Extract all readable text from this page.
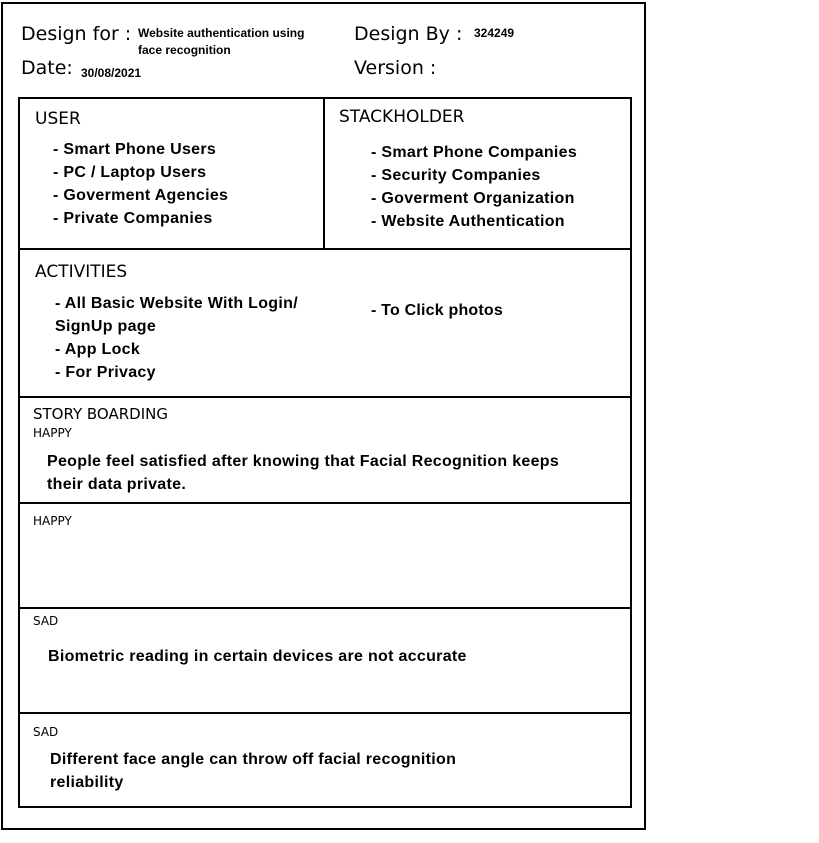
Design for : Website authentication using
face recognition
Design By : 324249
Date: 30/08/2021	Version :
USER
- Smart Phone Users
- PC / Laptop Users
- Goverment Agencies
- Private Companies
STACKHOLDER
- Smart Phone Companies
- Security Companies
- Goverment Organization
- Website Authentication
ACTIVITIES
- All Basic Website With Login/
SignUp page
- App Lock
- For Privacy
- To Click photos
STORY BOARDING
HAPPY
People feel satisfied after knowing that Facial Recognition keeps
their data private.
HAPPY
SAD
Biometric reading in certain devices are not accurate
SAD
Different face angle can throw off facial recognition
reliability
